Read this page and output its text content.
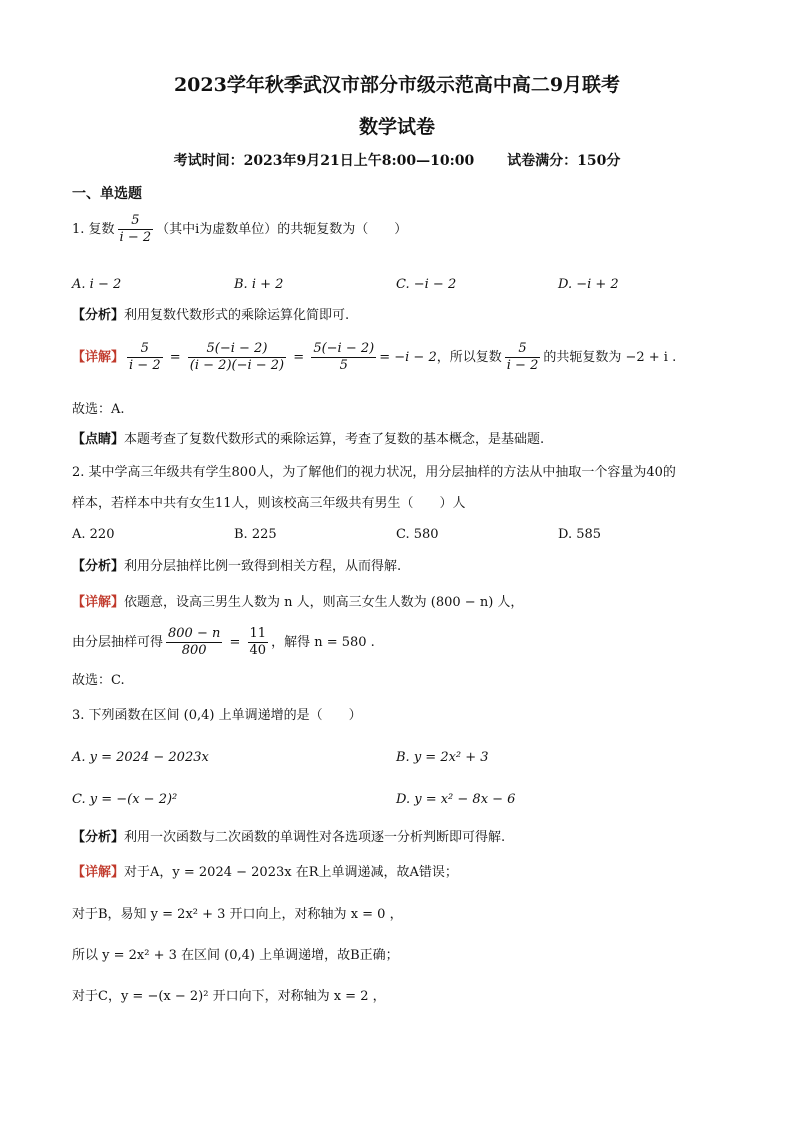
2023学年秋季武汉市部分市级示范高中高二9月联考
数学试卷
考试时间：2023年9月21日上午8:00—10:00 试卷满分：150分
一、单选题
1. 复数 $\frac{5}{i - 2}$ （其中i为虚数单位）的共轭复数为（　　）
A. i − 2	B. i + 2	C. −i − 2	D. −i + 2
【分析】利用复数代数形式的乘除运算化简即可.
【详解】 $\frac{5}{i - 2} = \frac{5(-i - 2)}{(i - 2)(-i - 2)} = \frac{5(-i - 2)}{5} = -i - 2$，所以复数 $\frac{5}{i - 2}$ 的共轭复数为 −2 + i .
故选：A.
【点睛】本题考查了复数代数形式的乘除运算，考查了复数的基本概念，是基础题.
2. 某中学高三年级共有学生800人，为了解他们的视力状况，用分层抽样的方法从中抽取一个容量为40的
样本，若样本中共有女生11人，则该校高三年级共有男生（　　）人
A. 220	B. 225	C. 580	D. 585
【分析】利用分层抽样比例一致得到相关方程，从而得解.
【详解】依题意，设高三男生人数为 n 人，则高三女生人数为 (800 − n) 人，
由分层抽样可得 $\frac{800 - n}{800} = \frac{11}{40}$ ，解得 n = 580 .
故选：C.
3. 下列函数在区间 (0,4) 上单调递增的是（　　）
A. y = 2024 − 2023x	B. y = 2x² + 3
C. y = −(x − 2)²	D. y = x² − 8x − 6
【分析】利用一次函数与二次函数的单调性对各选项逐一分析判断即可得解.
【详解】对于A，y = 2024 − 2023x 在R上单调递减，故A错误；
对于B，易知 y = 2x² + 3 开口向上，对称轴为 x = 0 ，
所以 y = 2x² + 3 在区间 (0,4) 上单调递增，故B正确；
对于C，y = −(x − 2)² 开口向下，对称轴为 x = 2 ，
